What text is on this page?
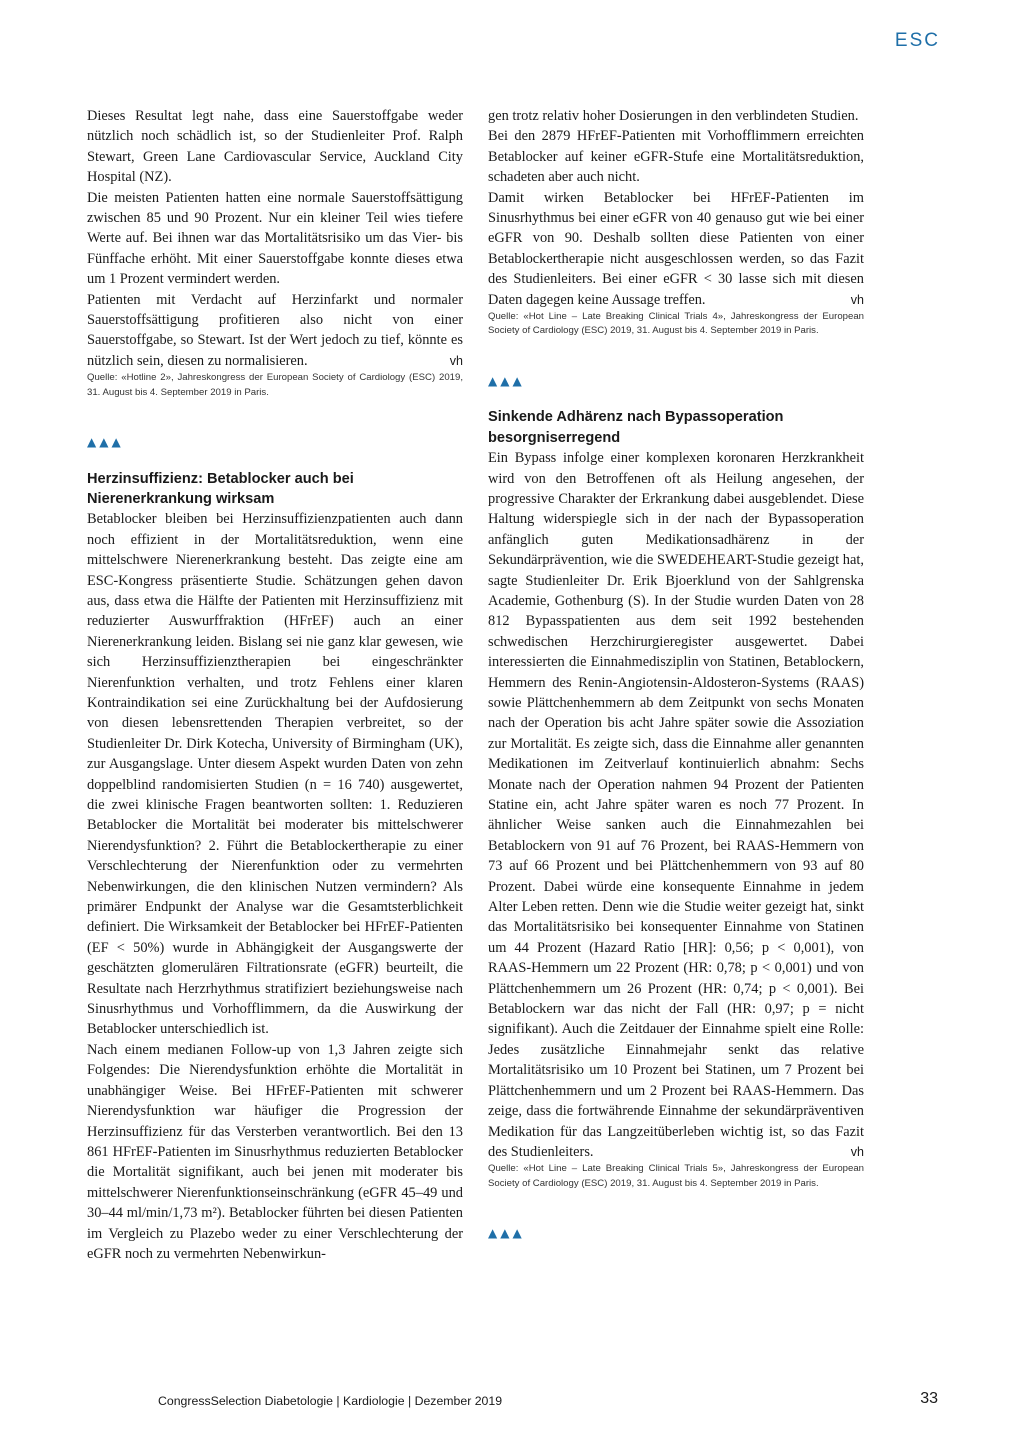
ESC

Dieses Resultat legt nahe, dass eine Sauerstoffgabe weder nützlich noch schädlich ist, so der Studienleiter Prof. Ralph Stewart, Green Lane Cardiovascular Service, Auckland City Hospital (NZ).

Die meisten Patienten hatten eine normale Sauerstoffsättigung zwischen 85 und 90 Prozent. Nur ein kleiner Teil wies tiefere Werte auf. Bei ihnen war das Mortalitätsrisiko um das Vier- bis Fünffache erhöht. Mit einer Sauerstoffgabe konnte dieses etwa um 1 Prozent vermindert werden.

Patienten mit Verdacht auf Herzinfarkt und normaler Sauerstoffsättigung profitieren also nicht von einer Sauerstoffgabe, so Stewart. Ist der Wert jedoch zu tief, könnte es nützlich sein, diesen zu normalisieren.	vh

Quelle: «Hotline 2», Jahreskongress der European Society of Cardiology (ESC) 2019, 31. August bis 4. September 2019 in Paris.

▲▲▲
Herzinsuffizienz: Betablocker auch bei Nierenerkrankung wirksam

Betablocker bleiben bei Herzinsuffizienzpatienten auch dann noch effizient in der Mortalitätsreduktion, wenn eine mittelschwere Nierenerkrankung besteht. Das zeigte eine am ESC-Kongress präsentierte Studie. Schätzungen gehen davon aus, dass etwa die Hälfte der Patienten mit Herzinsuffizienz mit reduzierter Auswurffraktion (HFrEF) auch an einer Nierenerkrankung leiden. Bislang sei nie ganz klar gewesen, wie sich Herzinsuffizienztherapien bei eingeschränkter Nierenfunktion verhalten, und trotz Fehlens einer klaren Kontraindikation sei eine Zurückhaltung bei der Aufdosierung von diesen lebensrettenden Therapien verbreitet, so der Studienleiter Dr. Dirk Kotecha, University of Birmingham (UK), zur Ausgangslage. Unter diesem Aspekt wurden Daten von zehn doppelblind randomisierten Studien (n = 16 740) ausgewertet, die zwei klinische Fragen beantworten sollten: 1. Reduzieren Betablocker die Mortalität bei moderater bis mittelschwerer Nierendysfunktion? 2. Führt die Betablockertherapie zu einer Verschlechterung der Nierenfunktion oder zu vermehrten Nebenwirkungen, die den klinischen Nutzen vermindern? Als primärer Endpunkt der Analyse war die Gesamtsterblichkeit definiert. Die Wirksamkeit der Betablocker bei HFrEF-Patienten (EF < 50%) wurde in Abhängigkeit der Ausgangswerte der geschätzten glomerulären Filtrationsrate (eGFR) beurteilt, die Resultate nach Herzrhythmus stratifiziert beziehungsweise nach Sinusrhythmus und Vorhofflimmern, da die Auswirkung der Betablocker unterschiedlich ist.

Nach einem medianen Follow-up von 1,3 Jahren zeigte sich Folgendes: Die Nierendysfunktion erhöhte die Mortalität in unabhängiger Weise. Bei HFrEF-Patienten mit schwerer Nierendysfunktion war häufiger die Progression der Herzinsuffizienz für das Versterben verantwortlich. Bei den 13 861 HFrEF-Patienten im Sinusrhythmus reduzierten Betablocker die Mortalität signifikant, auch bei jenen mit moderater bis mittelschwerer Nierenfunktionseinschränkung (eGFR 45–49 und 30–44 ml/min/1,73 m²). Betablocker führten bei diesen Patienten im Vergleich zu Plazebo weder zu einer Verschlechterung der eGFR noch zu vermehrten Nebenwirkun-

gen trotz relativ hoher Dosierungen in den verblindeten Studien.

Bei den 2879 HFrEF-Patienten mit Vorhofflimmern erreichten Betablocker auf keiner eGFR-Stufe eine Mortalitätsreduktion, schadeten aber auch nicht.

Damit wirken Betablocker bei HFrEF-Patienten im Sinusrhythmus bei einer eGFR von 40 genauso gut wie bei einer eGFR von 90. Deshalb sollten diese Patienten von einer Betablockertherapie nicht ausgeschlossen werden, so das Fazit des Studienleiters. Bei einer eGFR < 30 lasse sich mit diesen Daten dagegen keine Aussage treffen.	vh

Quelle: «Hot Line – Late Breaking Clinical Trials 4», Jahreskongress der European Society of Cardiology (ESC) 2019, 31. August bis 4. September 2019 in Paris.

▲▲▲
Sinkende Adhärenz nach Bypassoperation besorgniserregend

Ein Bypass infolge einer komplexen koronaren Herzkrankheit wird von den Betroffenen oft als Heilung angesehen, der progressive Charakter der Erkrankung dabei ausgeblendet. Diese Haltung widerspiegle sich in der nach der Bypassoperation anfänglich guten Medikationsadhärenz in der Sekundärprävention, wie die SWEDEHEART-Studie gezeigt hat, sagte Studienleiter Dr. Erik Bjoerklund von der Sahlgrenska Academie, Gothenburg (S). In der Studie wurden Daten von 28 812 Bypasspatienten aus dem seit 1992 bestehenden schwedischen Herzchirurgieregister ausgewertet. Dabei interessierten die Einnahmedisziplin von Statinen, Betablockern, Hemmern des Renin-Angiotensin-Aldosteron-Systems (RAAS) sowie Plättchenhemmern ab dem Zeitpunkt von sechs Monaten nach der Operation bis acht Jahre später sowie die Assoziation zur Mortalität. Es zeigte sich, dass die Einnahme aller genannten Medikationen im Zeitverlauf kontinuierlich abnahm: Sechs Monate nach der Operation nahmen 94 Prozent der Patienten Statine ein, acht Jahre später waren es noch 77 Prozent. In ähnlicher Weise sanken auch die Einnahmezahlen bei Betablockern von 91 auf 76 Prozent, bei RAAS-Hemmern von 73 auf 66 Prozent und bei Plättchenhemmern von 93 auf 80 Prozent. Dabei würde eine konsequente Einnahme in jedem Alter Leben retten. Denn wie die Studie weiter gezeigt hat, sinkt das Mortalitätsrisiko bei konsequenter Einnahme von Statinen um 44 Prozent (Hazard Ratio [HR]: 0,56; p < 0,001), von RAAS-Hemmern um 22 Prozent (HR: 0,78; p < 0,001) und von Plättchenhemmern um 26 Prozent (HR: 0,74; p < 0,001). Bei Betablockern war das nicht der Fall (HR: 0,97; p = nicht signifikant). Auch die Zeitdauer der Einnahme spielt eine Rolle: Jedes zusätzliche Einnahmejahr senkt das relative Mortalitätsrisiko um 10 Prozent bei Statinen, um 7 Prozent bei Plättchenhemmern und um 2 Prozent bei RAAS-Hemmern. Das zeige, dass die fortwährende Einnahme der sekundärpräventiven Medikation für das Langzeitüberleben wichtig ist, so das Fazit des Studienleiters.	vh

Quelle: «Hot Line – Late Breaking Clinical Trials 5», Jahreskongress der European Society of Cardiology (ESC) 2019, 31. August bis 4. September 2019 in Paris.

▲▲▲
CongressSelection Diabetologie | Kardiologie | Dezember 2019	33
